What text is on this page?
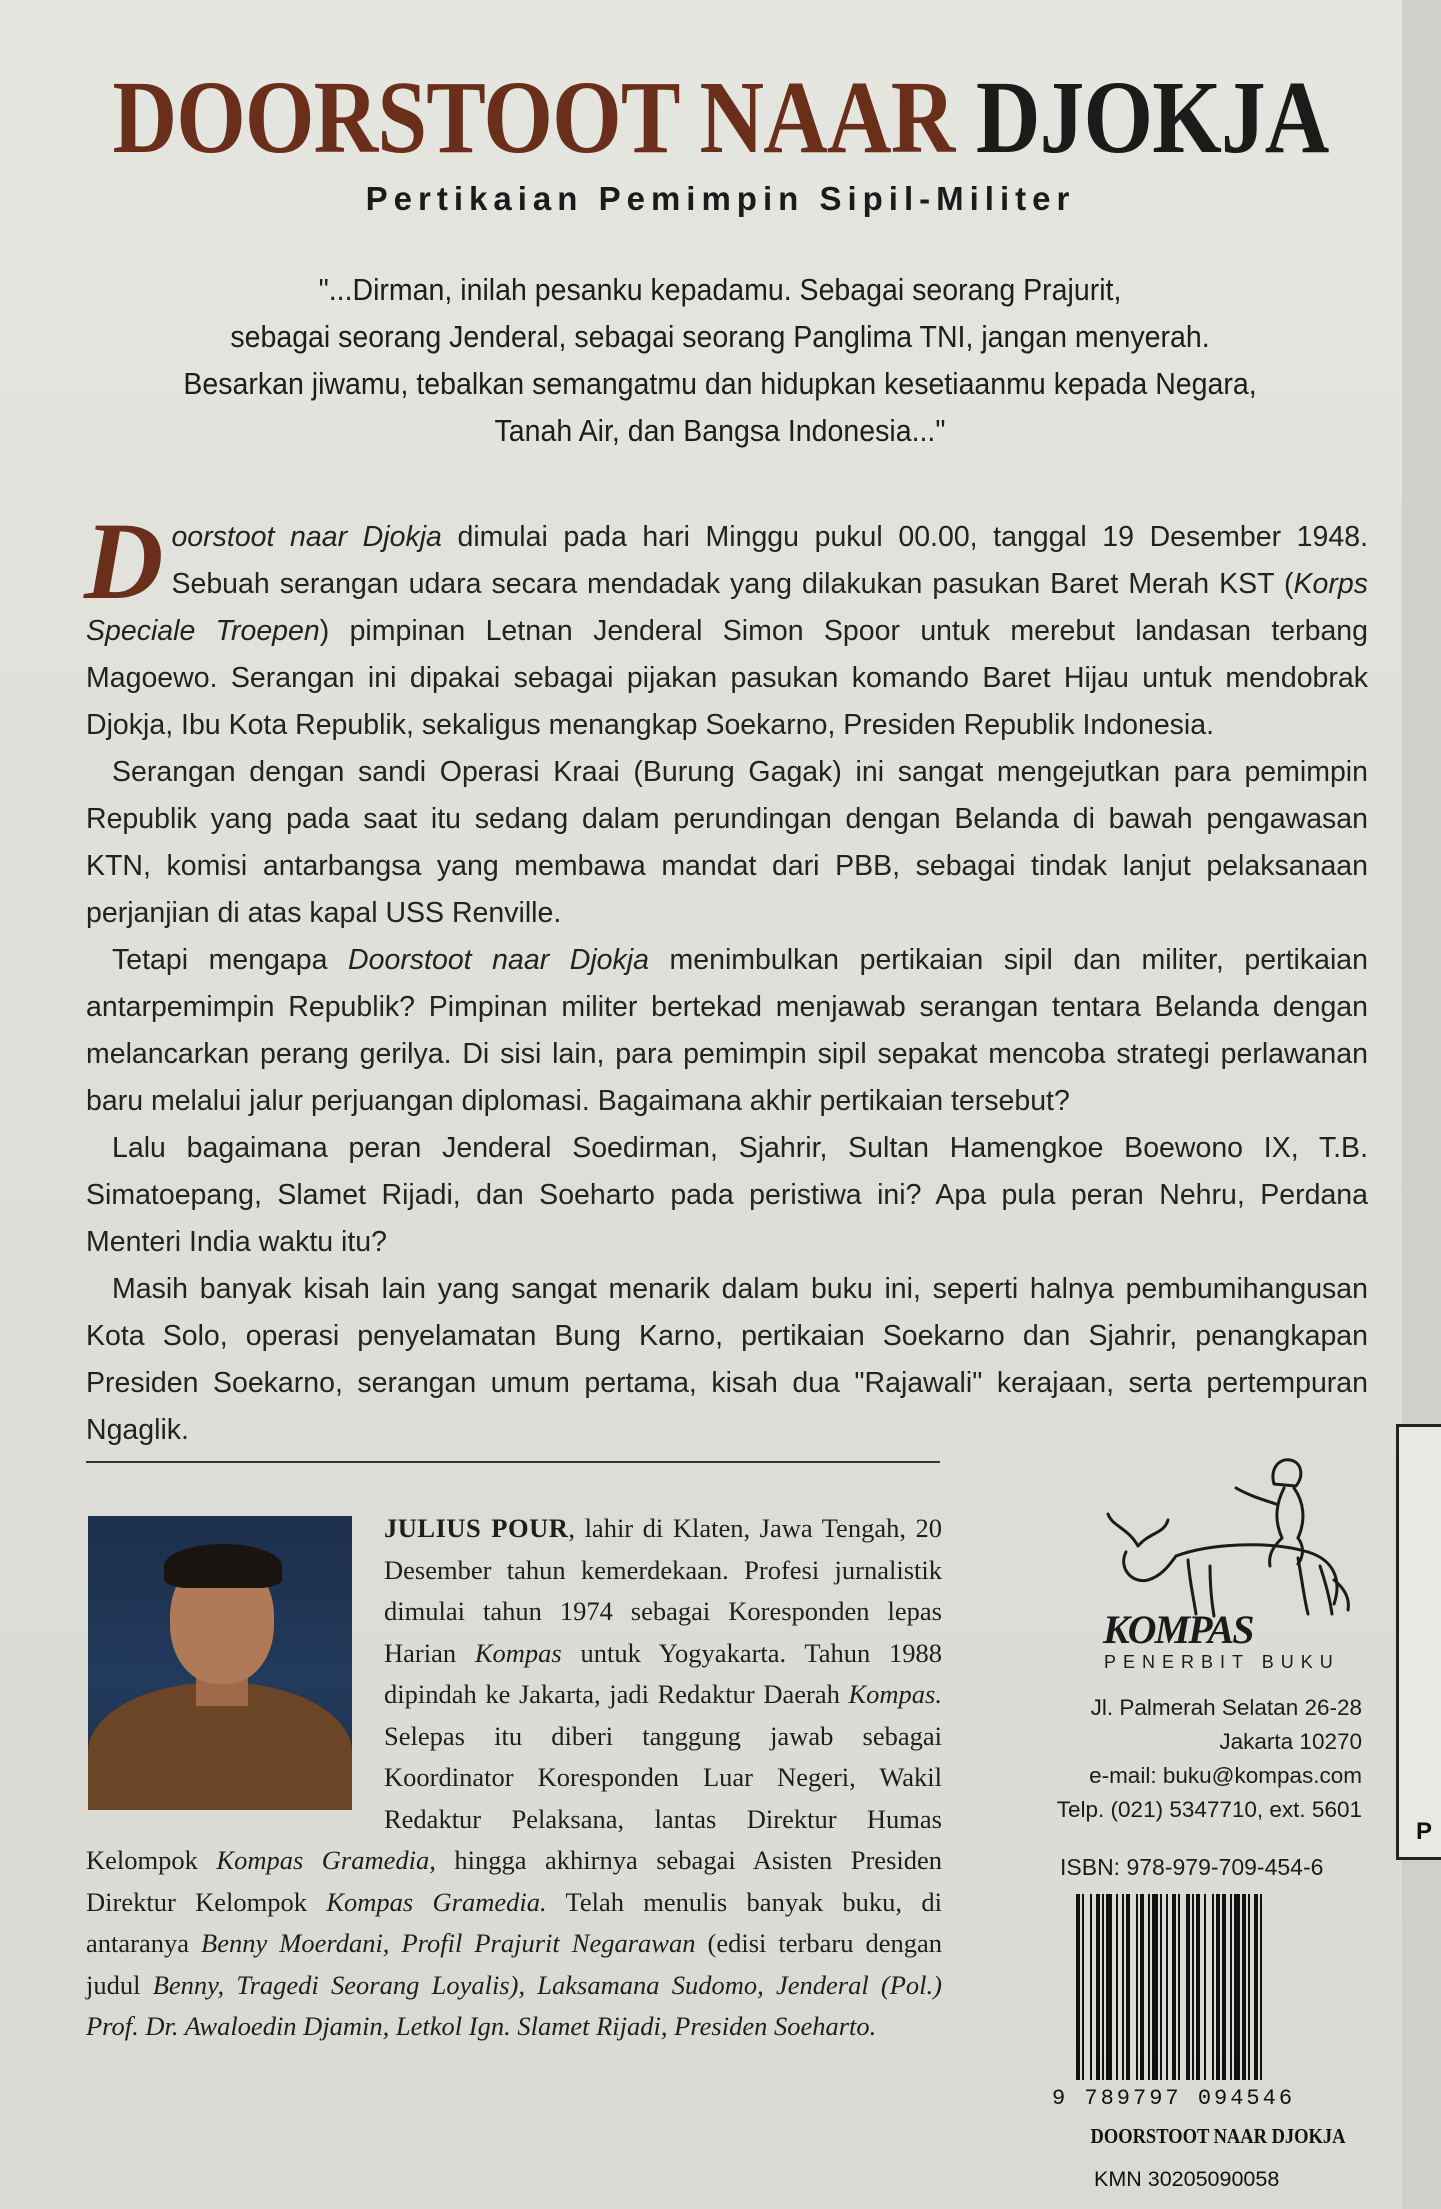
DOORSTOOT NAAR DJOKJA
Pertikaian Pemimpin Sipil-Militer
"...Dirman, inilah pesanku kepadamu. Sebagai seorang Prajurit,
sebagai seorang Jenderal, sebagai seorang Panglima TNI, jangan menyerah.
Besarkan jiwamu, tebalkan semangatmu dan hidupkan kesetiaanmu kepada Negara,
Tanah Air, dan Bangsa Indonesia..."

Doorstoot naar Djokja dimulai pada hari Minggu pukul 00.00, tanggal 19 Desember 1948. Sebuah serangan udara secara mendadak yang dilakukan pasukan Baret Merah KST (Korps Speciale Troepen) pimpinan Letnan Jenderal Simon Spoor untuk merebut landasan terbang Magoewo. Serangan ini dipakai sebagai pijakan pasukan komando Baret Hijau untuk mendobrak Djokja, Ibu Kota Republik, sekaligus menangkap Soekarno, Presiden Republik Indonesia.

Serangan dengan sandi Operasi Kraai (Burung Gagak) ini sangat mengejutkan para pemimpin Republik yang pada saat itu sedang dalam perundingan dengan Belanda di bawah pengawasan KTN, komisi antarbangsa yang membawa mandat dari PBB, sebagai tindak lanjut pelaksanaan perjanjian di atas kapal USS Renville.

Tetapi mengapa Doorstoot naar Djokja menimbulkan pertikaian sipil dan militer, pertikaian antarpemimpin Republik? Pimpinan militer bertekad menjawab serangan tentara Belanda dengan melancarkan perang gerilya. Di sisi lain, para pemimpin sipil sepakat mencoba strategi perlawanan baru melalui jalur perjuangan diplomasi. Bagaimana akhir pertikaian tersebut?

Lalu bagaimana peran Jenderal Soedirman, Sjahrir, Sultan Hamengkoe Boewono IX, T.B. Simatoepang, Slamet Rijadi, dan Soeharto pada peristiwa ini? Apa pula peran Nehru, Perdana Menteri India waktu itu?

Masih banyak kisah lain yang sangat menarik dalam buku ini, seperti halnya pembumihangusan Kota Solo, operasi penyelamatan Bung Karno, pertikaian Soekarno dan Sjahrir, penangkapan Presiden Soekarno, serangan umum pertama, kisah dua "Rajawali" kerajaan, serta pertempuran Ngaglik.

JULIUS POUR, lahir di Klaten, Jawa Tengah, 20 Desember tahun kemerdekaan. Profesi jurnalistik dimulai tahun 1974 sebagai Koresponden lepas Harian Kompas untuk Yogyakarta. Tahun 1988 dipindah ke Jakarta, jadi Redaktur Daerah Kompas. Selepas itu diberi tanggung jawab sebagai Koordinator Koresponden Luar Negeri, Wakil Redaktur Pelaksana, lantas Direktur Humas Kelompok Kompas Gramedia, hingga akhirnya sebagai Asisten Presiden Direktur Kelompok Kompas Gramedia. Telah menulis banyak buku, di antaranya Benny Moerdani, Profil Prajurit Negarawan (edisi terbaru dengan judul Benny, Tragedi Seorang Loyalis), Laksamana Sudomo, Jenderal (Pol.) Prof. Dr. Awaloedin Djamin, Letkol Ign. Slamet Rijadi, Presiden Soeharto.
KOMPAS
PENERBIT BUKU
Jl. Palmerah Selatan 26-28
Jakarta 10270
e-mail: buku@kompas.com
Telp. (021) 5347710, ext. 5601
ISBN: 978-979-709-454-6
9 789797 094546
DOORSTOOT NAAR DJOKJA
KMN 30205090058
P
